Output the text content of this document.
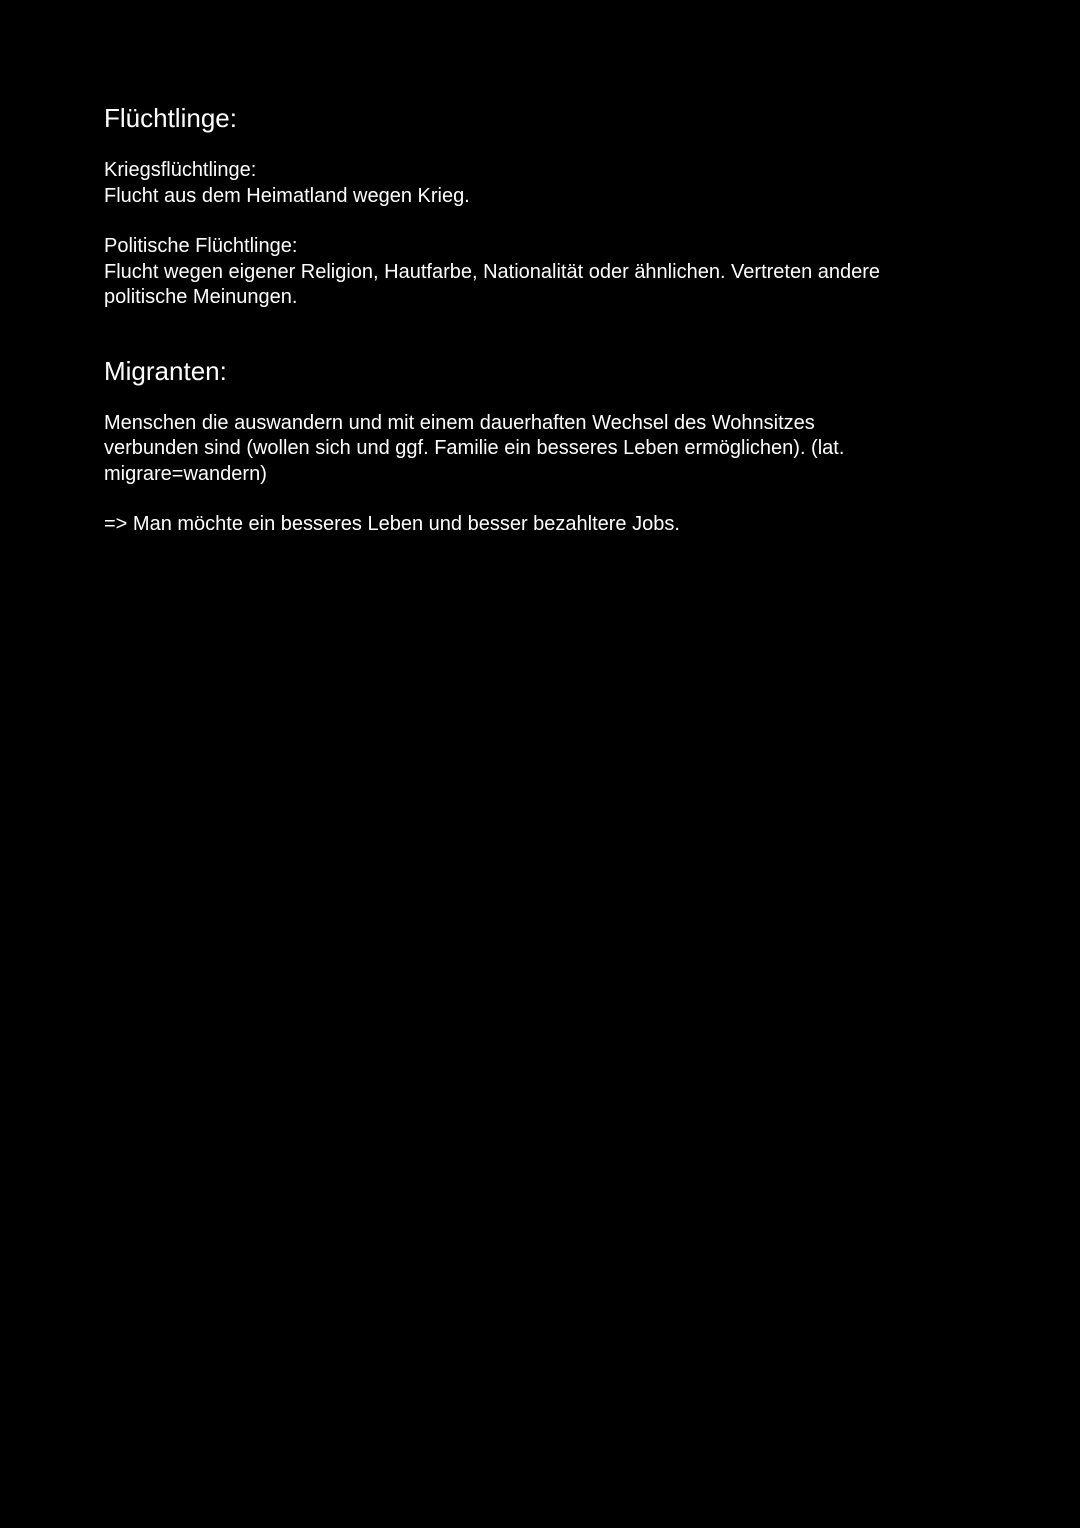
Flüchtlinge:

Kriegsflüchtlinge:

Flucht aus dem Heimatland wegen Krieg.

Politische Flüchtlinge:

Flucht wegen eigener Religion, Hautfarbe, Nationalität oder ähnlichen. Vertreten andere

politische Meinungen.

Migranten:

Menschen die auswandern und mit einem dauerhaften Wechsel des Wohnsitzes

verbunden sind (wollen sich und ggf. Familie ein besseres Leben ermöglichen). (lat.

migrare=wandern)

=> Man möchte ein besseres Leben und besser bezahltere Jobs.
